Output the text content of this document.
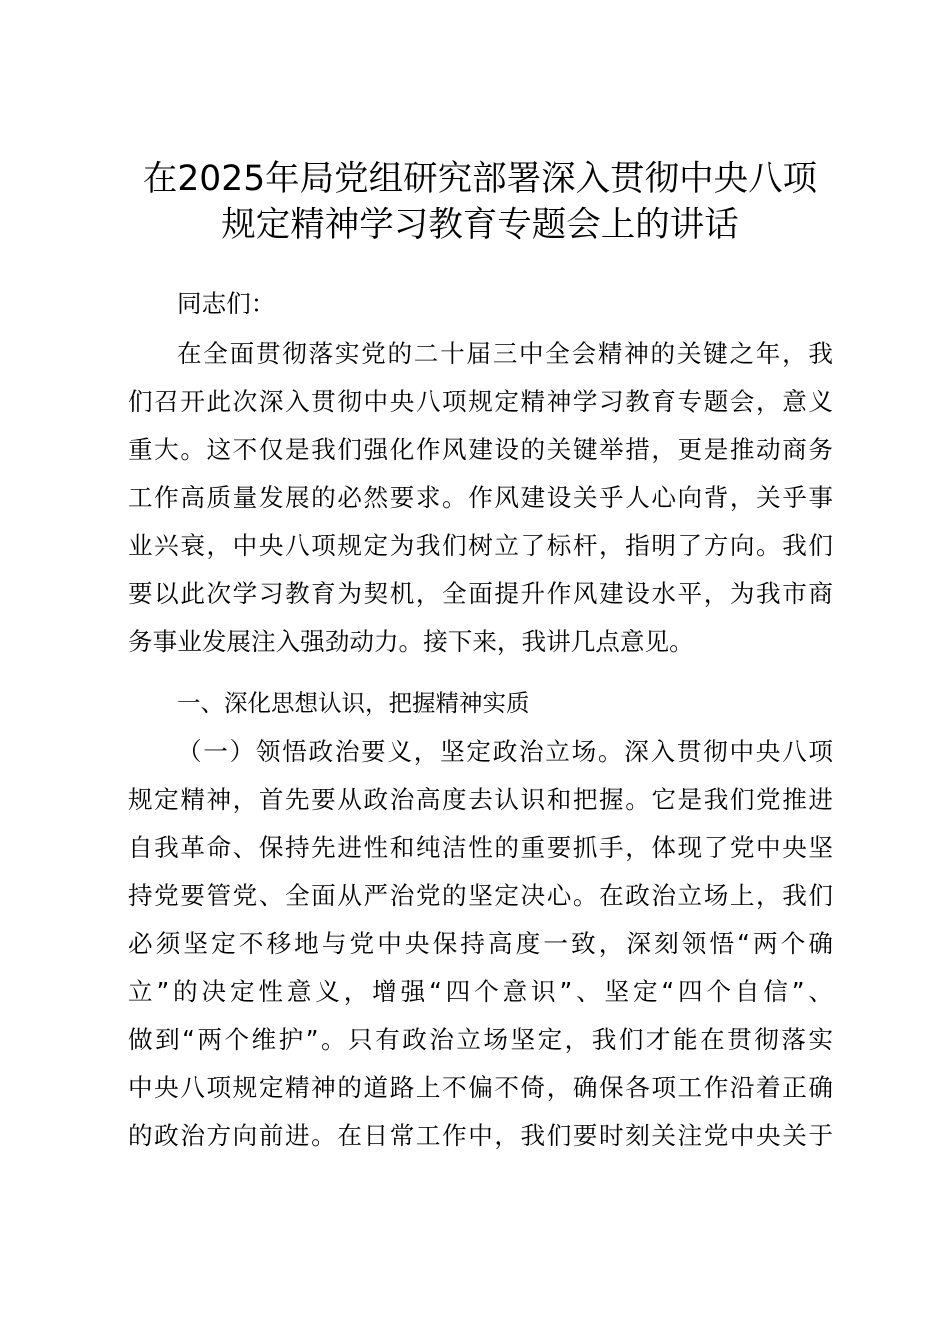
在2025年局党组研究部署深入贯彻中央八项
规定精神学习教育专题会上的讲话

同志们：

在全面贯彻落实党的二十届三中全会精神的关键之年，我
们召开此次深入贯彻中央八项规定精神学习教育专题会，意义
重大。这不仅是我们强化作风建设的关键举措，更是推动商务
工作高质量发展的必然要求。作风建设关乎人心向背，关乎事
业兴衰，中央八项规定为我们树立了标杆，指明了方向。我们
要以此次学习教育为契机，全面提升作风建设水平，为我市商
务事业发展注入强劲动力。接下来，我讲几点意见。

一、深化思想认识，把握精神实质

（一）领悟政治要义，坚定政治立场。深入贯彻中央八项
规定精神，首先要从政治高度去认识和把握。它是我们党推进
自我革命、保持先进性和纯洁性的重要抓手，体现了党中央坚
持党要管党、全面从严治党的坚定决心。在政治立场上，我们
必须坚定不移地与党中央保持高度一致，深刻领悟“两个确
立”的决定性意义，增强“四个意识”、坚定“四个自信”、
做到“两个维护”。只有政治立场坚定，我们才能在贯彻落实
中央八项规定精神的道路上不偏不倚，确保各项工作沿着正确
的政治方向前进。在日常工作中，我们要时刻关注党中央关于
